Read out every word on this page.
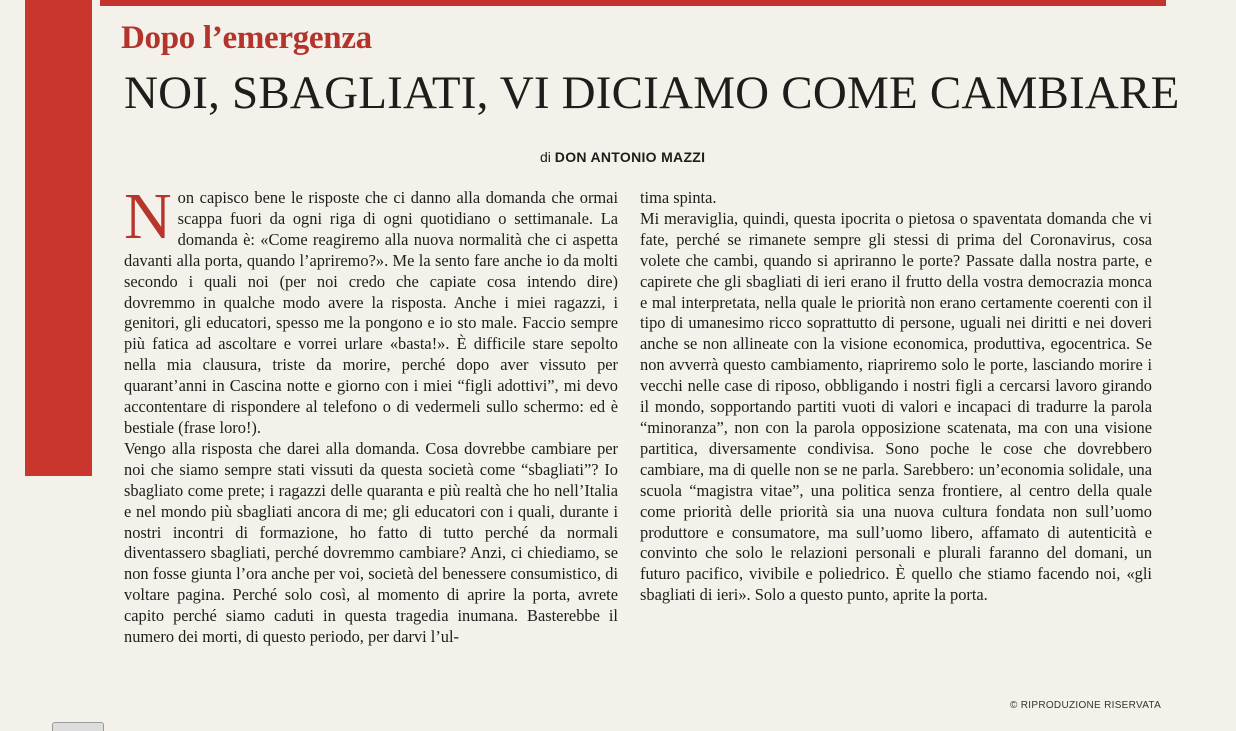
Dopo l’emergenza
NOI, SBAGLIATI, VI DICIAMO COME CAMBIARE
di DON ANTONIO MAZZI

Non capisco bene le risposte che ci danno alla domanda che ormai scappa fuori da ogni riga di ogni quotidiano o settimanale. La domanda è: «Come reagiremo alla nuova normalità che ci aspetta davanti alla porta, quando l’apriremo?». Me la sento fare anche io da molti secondo i quali noi (per noi credo che capiate cosa intendo dire) dovremmo in qualche modo avere la risposta. Anche i miei ragazzi, i genitori, gli educatori, spesso me la pongono e io sto male. Faccio sempre più fatica ad ascoltare e vorrei urlare «basta!». È difficile stare sepolto nella mia clausura, triste da morire, perché dopo aver vissuto per quarant’anni in Cascina notte e giorno con i miei “figli adottivi”, mi devo accontentare di rispondere al telefono o di vedermeli sullo schermo: ed è bestiale (frase loro!).

Vengo alla risposta che darei alla domanda. Cosa dovrebbe cambiare per noi che siamo sempre stati vissuti da questa società come “sbagliati”? Io sbagliato come prete; i ragazzi delle quaranta e più realtà che ho nell’Italia e nel mondo più sbagliati ancora di me; gli educatori con i quali, durante i nostri incontri di formazione, ho fatto di tutto perché da normali diventassero sbagliati, perché dovremmo cambiare? Anzi, ci chiediamo, se non fosse giunta l’ora anche per voi, società del benessere consumistico, di voltare pagina. Perché solo così, al momento di aprire la porta, avrete capito perché siamo caduti in questa tragedia inumana. Basterebbe il numero dei morti, di questo periodo, per darvi l’ul-

tima spinta.

Mi meraviglia, quindi, questa ipocrita o pietosa o spaventata domanda che vi fate, perché se rimanete sempre gli stessi di prima del Coronavirus, cosa volete che cambi, quando si apriranno le porte? Passate dalla nostra parte, e capirete che gli sbagliati di ieri erano il frutto della vostra democrazia monca e mal interpretata, nella quale le priorità non erano certamente coerenti con il tipo di umanesimo ricco soprattutto di persone, uguali nei diritti e nei doveri anche se non allineate con la visione economica, produttiva, egocentrica. Se non avverrà questo cambiamento, riapriremo solo le porte, lasciando morire i vecchi nelle case di riposo, obbligando i nostri figli a cercarsi lavoro girando il mondo, sopportando partiti vuoti di valori e incapaci di tradurre la parola “minoranza”, non con la parola opposizione scatenata, ma con una visione partitica, diversamente condivisa. Sono poche le cose che dovrebbero cambiare, ma di quelle non se ne parla. Sarebbero: un’economia solidale, una scuola “magistra vitae”, una politica senza frontiere, al centro della quale come priorità delle priorità sia una nuova cultura fondata non sull’uomo produttore e consumatore, ma sull’uomo libero, affamato di autenticità e convinto che solo le relazioni personali e plurali faranno del domani, un futuro pacifico, vivibile e poliedrico. È quello che stiamo facendo noi, «gli sbagliati di ieri». Solo a questo punto, aprite la porta.

© RIPRODUZIONE RISERVATA
